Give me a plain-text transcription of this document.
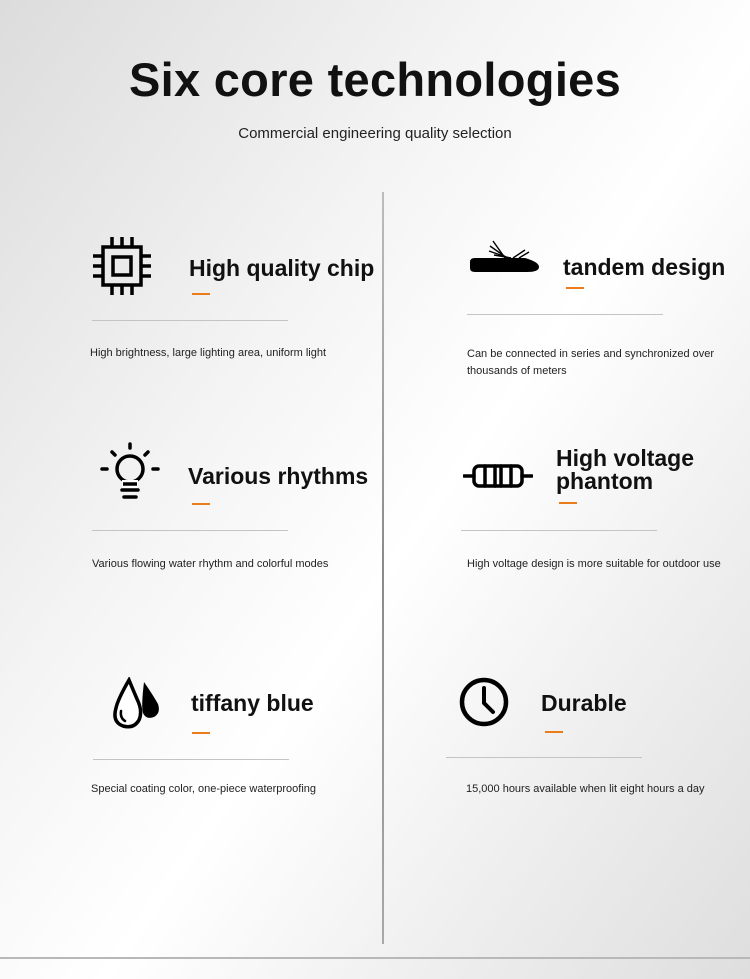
Six core technologies
Commercial engineering quality selection
High quality chip
High brightness, large lighting area, uniform light
tandem design
Can be connected in series and synchronized over thousands of meters
Various rhythms
Various flowing water rhythm and colorful modes
High voltage phantom
High voltage design is more suitable for outdoor use
tiffany blue
Special coating color, one-piece waterproofing
Durable
15,000 hours available when lit eight hours a day
